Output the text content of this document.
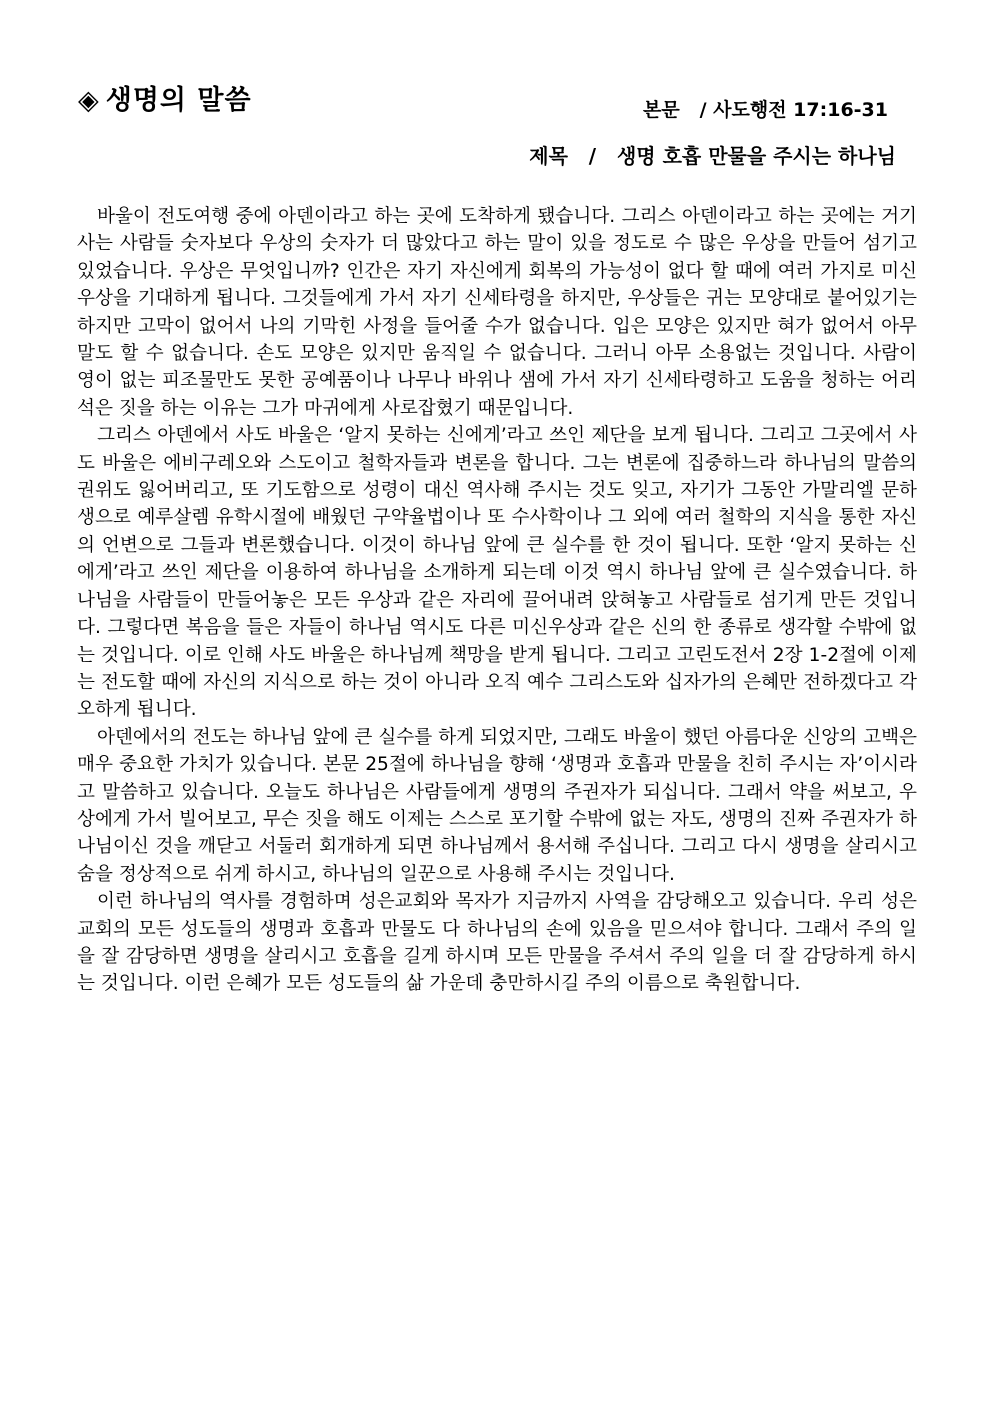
◈ 생명의 말씀	본문 / 사도행전 17:16-31
제목 / 생명 호흡 만물을 주시는 하나님

바울이 전도여행 중에 아덴이라고 하는 곳에 도착하게 됐습니다. 그리스 아덴이라고 하는 곳에는 거기 사는 사람들 숫자보다 우상의 숫자가 더 많았다고 하는 말이 있을 정도로 수 많은 우상을 만들어 섬기고 있었습니다. 우상은 무엇입니까? 인간은 자기 자신에게 회복의 가능성이 없다 할 때에 여러 가지로 미신우상을 기대하게 됩니다. 그것들에게 가서 자기 신세타령을 하지만, 우상들은 귀는 모양대로 붙어있기는 하지만 고막이 없어서 나의 기막힌 사정을 들어줄 수가 없습니다. 입은 모양은 있지만 혀가 없어서 아무 말도 할 수 없습니다. 손도 모양은 있지만 움직일 수 없습니다. 그러니 아무 소용없는 것입니다. 사람이 영이 없는 피조물만도 못한 공예품이나 나무나 바위나 샘에 가서 자기 신세타령하고 도움을 청하는 어리석은 짓을 하는 이유는 그가 마귀에게 사로잡혔기 때문입니다.

그리스 아덴에서 사도 바울은 ‘알지 못하는 신에게’라고 쓰인 제단을 보게 됩니다. 그리고 그곳에서 사도 바울은 에비구레오와 스도이고 철학자들과 변론을 합니다. 그는 변론에 집중하느라 하나님의 말씀의 권위도 잃어버리고, 또 기도함으로 성령이 대신 역사해 주시는 것도 잊고, 자기가 그동안 가말리엘 문하생으로 예루살렘 유학시절에 배웠던 구약율법이나 또 수사학이나 그 외에 여러 철학의 지식을 통한 자신의 언변으로 그들과 변론했습니다. 이것이 하나님 앞에 큰 실수를 한 것이 됩니다. 또한 ‘알지 못하는 신에게’라고 쓰인 제단을 이용하여 하나님을 소개하게 되는데 이것 역시 하나님 앞에 큰 실수였습니다. 하나님을 사람들이 만들어놓은 모든 우상과 같은 자리에 끌어내려 앉혀놓고 사람들로 섬기게 만든 것입니다. 그렇다면 복음을 들은 자들이 하나님 역시도 다른 미신우상과 같은 신의 한 종류로 생각할 수밖에 없는 것입니다. 이로 인해 사도 바울은 하나님께 책망을 받게 됩니다. 그리고 고린도전서 2장 1-2절에 이제는 전도할 때에 자신의 지식으로 하는 것이 아니라 오직 예수 그리스도와 십자가의 은혜만 전하겠다고 각오하게 됩니다.

아덴에서의 전도는 하나님 앞에 큰 실수를 하게 되었지만, 그래도 바울이 했던 아름다운 신앙의 고백은 매우 중요한 가치가 있습니다. 본문 25절에 하나님을 향해 ‘생명과 호흡과 만물을 친히 주시는 자’이시라고 말씀하고 있습니다. 오늘도 하나님은 사람들에게 생명의 주권자가 되십니다. 그래서 약을 써보고, 우상에게 가서 빌어보고, 무슨 짓을 해도 이제는 스스로 포기할 수밖에 없는 자도, 생명의 진짜 주권자가 하나님이신 것을 깨닫고 서둘러 회개하게 되면 하나님께서 용서해 주십니다. 그리고 다시 생명을 살리시고 숨을 정상적으로 쉬게 하시고, 하나님의 일꾼으로 사용해 주시는 것입니다.

이런 하나님의 역사를 경험하며 성은교회와 목자가 지금까지 사역을 감당해오고 있습니다. 우리 성은교회의 모든 성도들의 생명과 호흡과 만물도 다 하나님의 손에 있음을 믿으셔야 합니다. 그래서 주의 일을 잘 감당하면 생명을 살리시고 호흡을 길게 하시며 모든 만물을 주셔서 주의 일을 더 잘 감당하게 하시는 것입니다. 이런 은혜가 모든 성도들의 삶 가운데 충만하시길 주의 이름으로 축원합니다.
